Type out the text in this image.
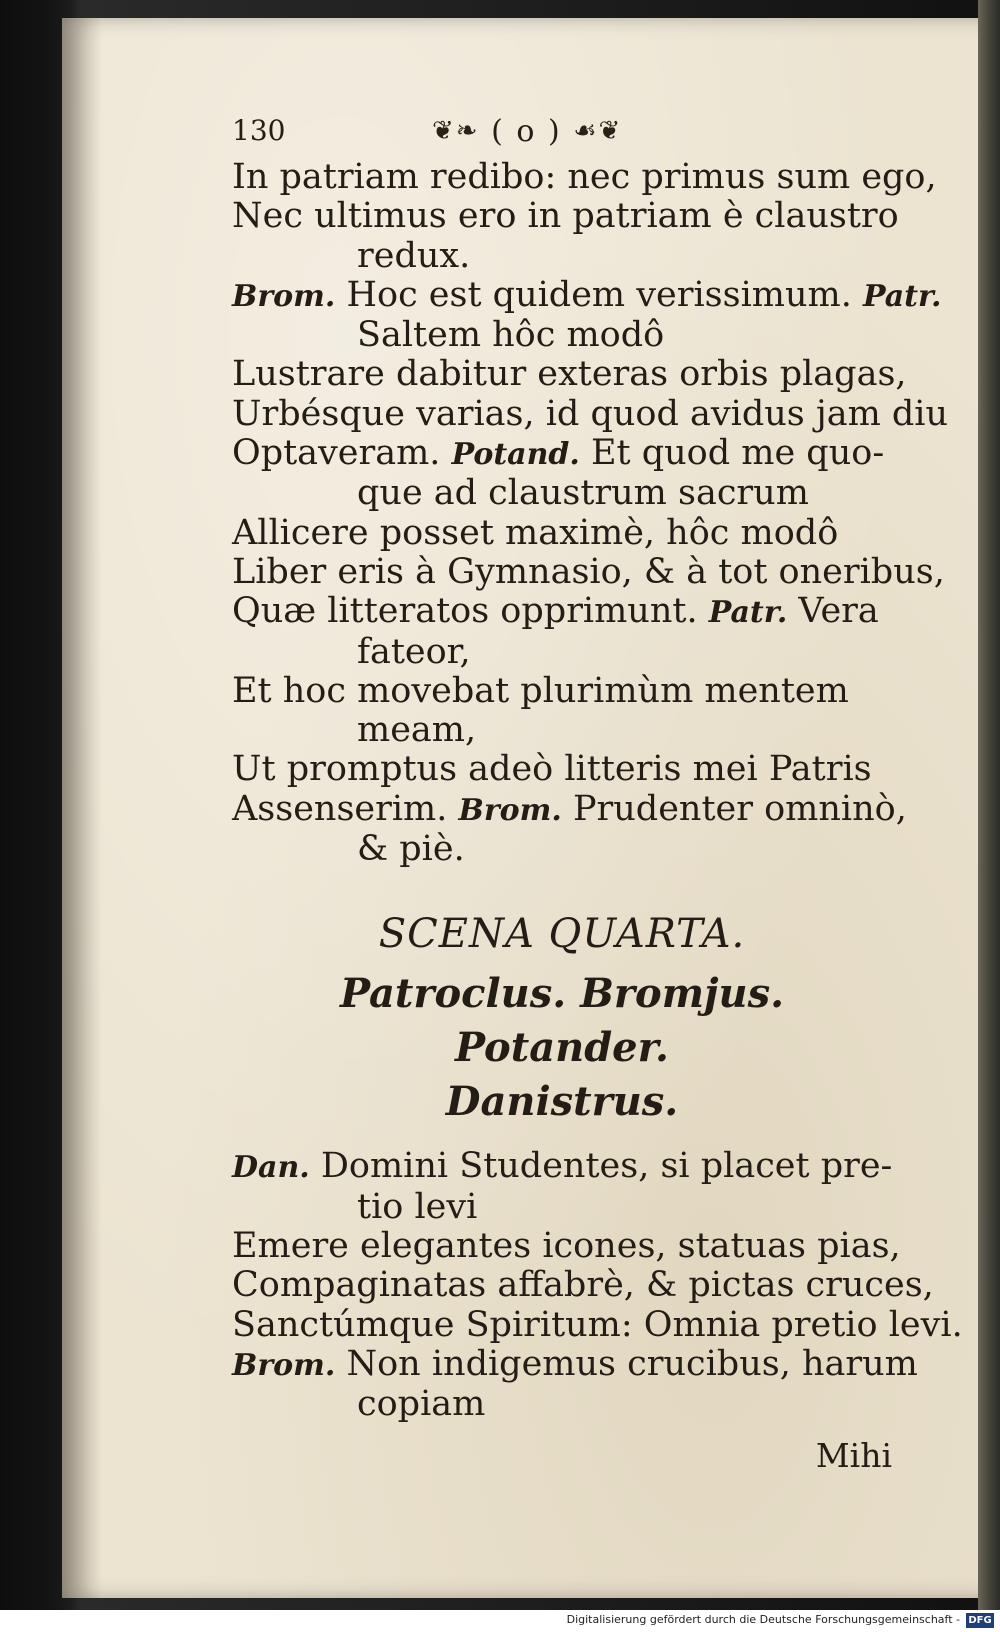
130	❦❧ ( o ) ☙❦
In patriam redibo: nec primus sum ego,
Nec ultimus ero in patriam è claustro
redux.
Brom. Hoc est quidem verissimum. Patr.
Saltem hôc modô
Lustrare dabitur exteras orbis plagas,
Urbésque varias, id quod avidus jam diu
Optaveram. Potand. Et quod me quo-
que ad claustrum sacrum
Allicere posset maximè, hôc modô
Liber eris à Gymnasio, & à tot oneribus,
Quæ litteratos opprimunt. Patr. Vera
fateor,
Et hoc movebat plurimùm mentem
meam,
Ut promptus adeò litteris mei Patris
Assenserim. Brom. Prudenter omninò,
& piè.
SCENA QUARTA.
Patroclus. Bromjus. Potander.
Danistrus.
Dan. Domini Studentes, si placet pre-
tio levi
Emere elegantes icones, statuas pias,
Compaginatas affabrè, & pictas cruces,
Sanctúmque Spiritum: Omnia pretio levi.
Brom. Non indigemus crucibus, harum
copiam
Mihi
Digitalisierung gefördert durch die Deutsche Forschungsgemeinschaft - DFG
